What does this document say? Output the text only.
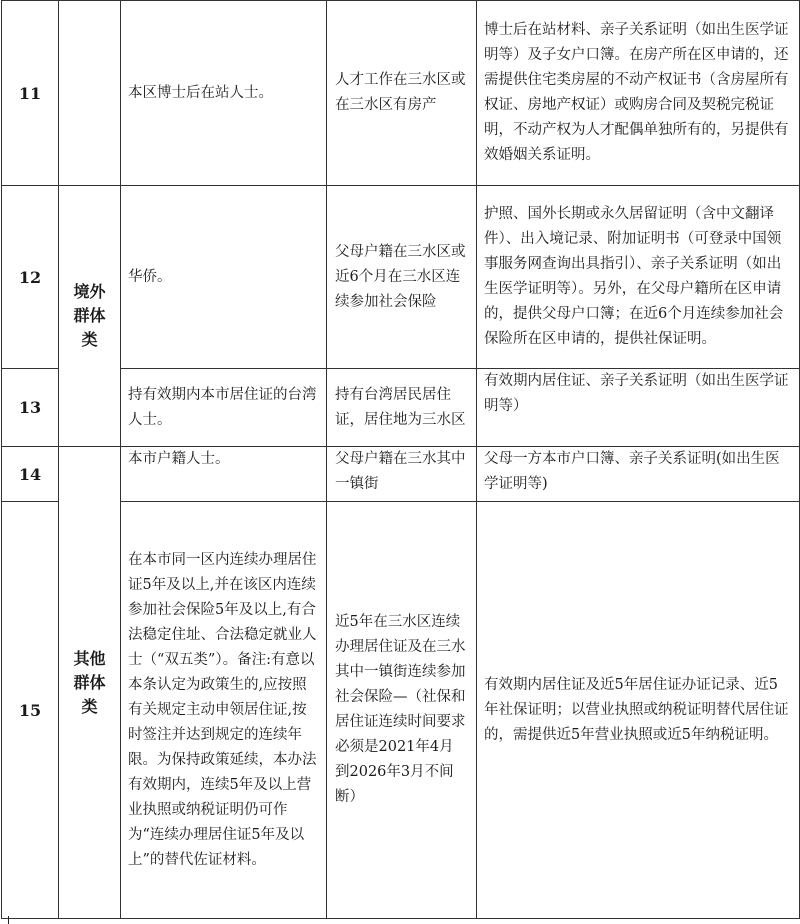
11		本区博士后在站人士。	人才工作在三水区或在三水区有房产	博士后在站材料、亲子关系证明（如出生医学证明等）及子女户口簿。在房产所在区申请的，还需提供住宅类房屋的不动产权证书（含房屋所有权证、房地产权证）或购房合同及契税完税证明，不动产权为人才配偶单独所有的，另提供有效婚姻关系证明。
12	境外群体类	华侨。	父母户籍在三水区或近6个月在三水区连续参加社会保险	护照、国外长期或永久居留证明（含中文翻译件）、出入境记录、附加证明书（可登录中国领事服务网查询出具指引）、亲子关系证明（如出生医学证明等）。另外，在父母户籍所在区申请的，提供父母户口簿；在近6个月连续参加社会保险所在区申请的，提供社保证明。
13		持有效期内本市居住证的台湾人士。	持有台湾居民居住证，居住地为三水区	有效期内居住证、亲子关系证明（如出生医学证明等）
14	其他群体类	本市户籍人士。	父母户籍在三水其中一镇街	父母一方本市户口簿、亲子关系证明(如出生医学证明等)
15		在本市同一区内连续办理居住证5年及以上,并在该区内连续参加社会保险5年及以上,有合法稳定住址、合法稳定就业人士（“双五类”）。备注:有意以本条认定为政策生的,应按照有关规定主动申领居住证,按时签注并达到规定的连续年限。为保持政策延续，本办法有效期内，连续5年及以上营业执照或纳税证明仍可作为“连续办理居住证5年及以上”的替代佐证材料。	近5年在三水区连续办理居住证及在三水其中一镇街连续参加社会保险—（社保和居住证连续时间要求必须是2021年4月到2026年3月不间断）	有效期内居住证及近5年居住证办证记录、近5年社保证明；以营业执照或纳税证明替代居住证的，需提供近5年营业执照或近5年纳税证明。
